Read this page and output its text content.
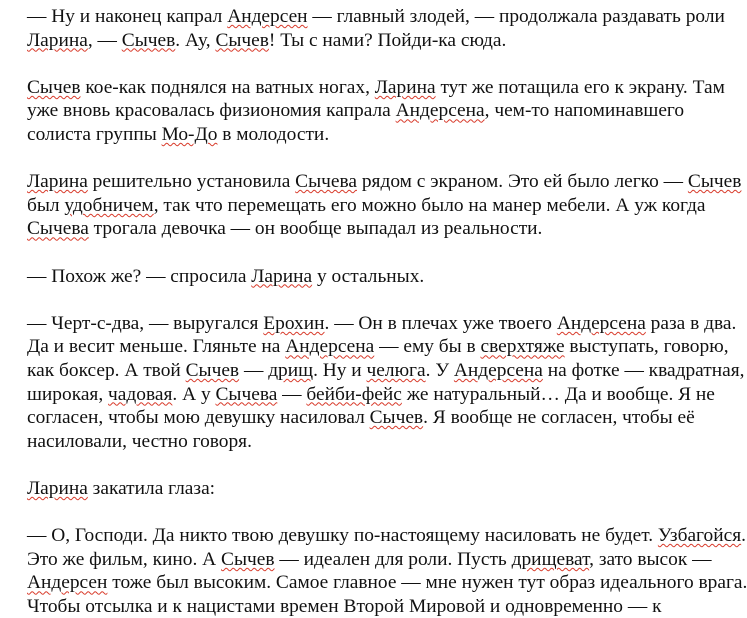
— Ну и наконец капрал Андерсен — главный злодей, — продолжала раздавать роли
Ларина, — Сычев. Ау, Сычев! Ты с нами? Пойди-ка сюда.
Сычев кое-как поднялся на ватных ногах, Ларина тут же потащила его к экрану. Там
уже вновь красовалась физиономия капрала Андерсена, чем-то напоминавшего
солиста группы Мо-До в молодости.
Ларина решительно установила Сычева рядом с экраном. Это ей было легко — Сычев
был удобничем, так что перемещать его можно было на манер мебели. А уж когда
Сычева трогала девочка — он вообще выпадал из реальности.
— Похож же? — спросила Ларина у остальных.
— Черт-с-два, — выругался Ерохин. — Он в плечах уже твоего Андерсена раза в два.
Да и весит меньше. Гляньте на Андерсена — ему бы в сверхтяже выступать, говорю,
как боксер. А твой Сычев — дрищ. Ну и челюга. У Андерсена на фотке — квадратная,
широкая, чадовая. А у Сычева — бейби-фейс же натуральный… Да и вообще. Я не
согласен, чтобы мою девушку насиловал Сычев. Я вообще не согласен, чтобы её
насиловали, честно говоря.
Ларина закатила глаза:
— О, Господи. Да никто твою девушку по-настоящему насиловать не будет. Узбагойся.
Это же фильм, кино. А Сычев — идеален для роли. Пусть дрищеват, зато высок —
Андерсен тоже был высоким. Самое главное — мне нужен тут образ идеального врага.
Чтобы отсылка и к нацистами времен Второй Мировой и одновременно — к
